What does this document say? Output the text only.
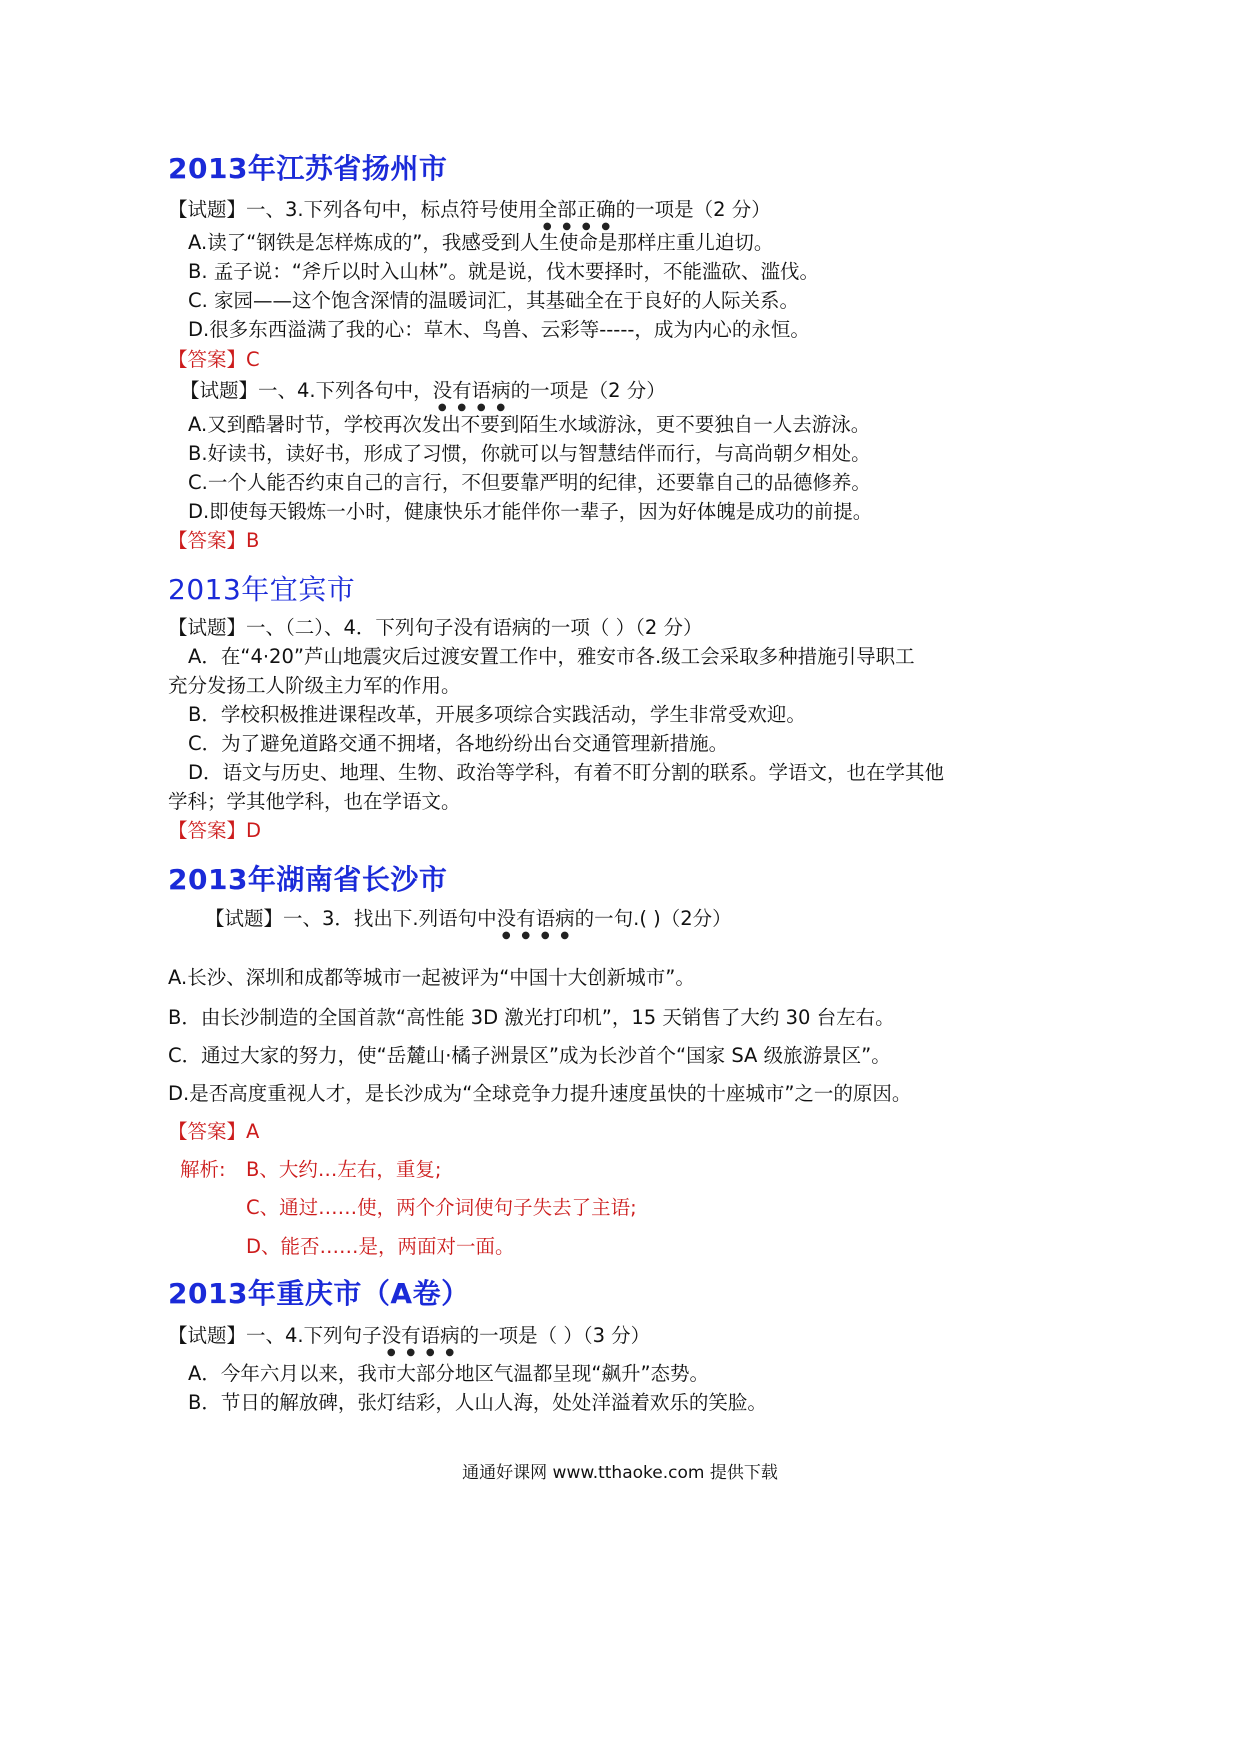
2013年江苏省扬州市
【试题】一、3.下列各句中，标点符号使用全部正确的一项是（2 分）
A.读了“钢铁是怎样炼成的”，我感受到人生使命是那样庄重儿迫切。
B. 孟子说：“斧斤以时入山林”。就是说，伐木要择时，不能滥砍、滥伐。
C. 家园——这个饱含深情的温暖词汇，其基础全在于良好的人际关系。
D.很多东西溢满了我的心：草木、鸟兽、云彩等-----，成为内心的永恒。
【答案】C
【试题】一、4.下列各句中，没有语病的一项是（2 分）
A.又到酷暑时节，学校再次发出不要到陌生水域游泳，更不要独自一人去游泳。
B.好读书，读好书，形成了习惯，你就可以与智慧结伴而行，与高尚朝夕相处。
C.一个人能否约束自己的言行，不但要靠严明的纪律，还要靠自己的品德修养。
D.即使每天锻炼一小时，健康快乐才能伴你一辈子，因为好体魄是成功的前提。
【答案】B
2013年宜宾市
【试题】一、（二）、4．下列句子没有语病的一项（ ）（2 分）
A．在“4·20”芦山地震灾后过渡安置工作中，雅安市各.级工会采取多种措施引导职工
充分发扬工人阶级主力军的作用。
B．学校积极推进课程改革，开展多项综合实践活动，学生非常受欢迎。
C．为了避免道路交通不拥堵，各地纷纷出台交通管理新措施。
D．语文与历史、地理、生物、政治等学科，有着不盯分割的联系。学语文，也在学其他
学科；学其他学科，也在学语文。
【答案】D
2013年湖南省长沙市
【试题】一、3．找出下.列语句中没有语病的一句.( )（2分）
A.长沙、深圳和成都等城市一起被评为“中国十大创新城市”。
B．由长沙制造的全国首款“高性能 3D 激光打印机”，15 天销售了大约 30 台左右。
C．通过大家的努力，使“岳麓山·橘子洲景区”成为长沙首个“国家 SA 级旅游景区”。
D.是否高度重视人才，是长沙成为“全球竞争力提升速度虽快的十座城市”之一的原因。
【答案】A
解析: B、大约…左右，重复;
C、通过……使，两个介词使句子失去了主语;
D、能否……是，两面对一面。
2013年重庆市（A卷）
【试题】一、4.下列句子没有语病的一项是（ ）（3 分）
A．今年六月以来，我市大部分地区气温都呈现“飙升”态势。
B．节日的解放碑，张灯结彩，人山人海，处处洋溢着欢乐的笑脸。
通通好课网 www.tthaoke.com 提供下载
